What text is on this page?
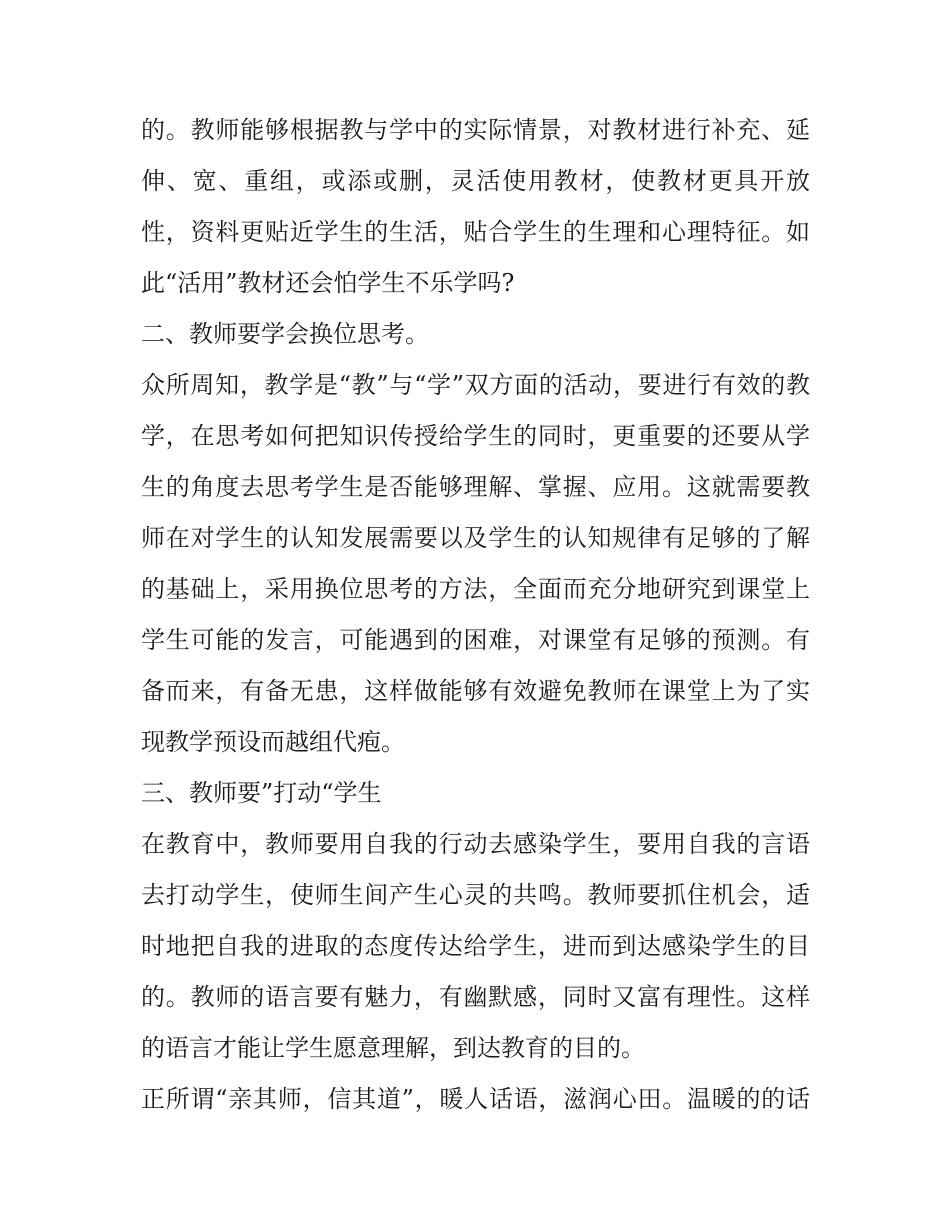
的。教师能够根据教与学中的实际情景，对教材进行补充、延

伸、宽、重组，或添或删，灵活使用教材，使教材更具开放

性，资料更贴近学生的生活，贴合学生的生理和心理特征。如

此“活用”教材还会怕学生不乐学吗?

二、教师要学会换位思考。

众所周知，教学是“教”与“学”双方面的活动，要进行有效的教

学，在思考如何把知识传授给学生的同时，更重要的还要从学

生的角度去思考学生是否能够理解、掌握、应用。这就需要教

师在对学生的认知发展需要以及学生的认知规律有足够的了解

的基础上，采用换位思考的方法，全面而充分地研究到课堂上

学生可能的发言，可能遇到的困难，对课堂有足够的预测。有

备而来，有备无患，这样做能够有效避免教师在课堂上为了实

现教学预设而越组代疱。

三、教师要”打动“学生

在教育中，教师要用自我的行动去感染学生，要用自我的言语

去打动学生，使师生间产生心灵的共鸣。教师要抓住机会，适

时地把自我的进取的态度传达给学生，进而到达感染学生的目

的。教师的语言要有魅力，有幽默感，同时又富有理性。这样

的语言才能让学生愿意理解，到达教育的目的。

正所谓“亲其师，信其道”，暖人话语，滋润心田。温暖的的话
